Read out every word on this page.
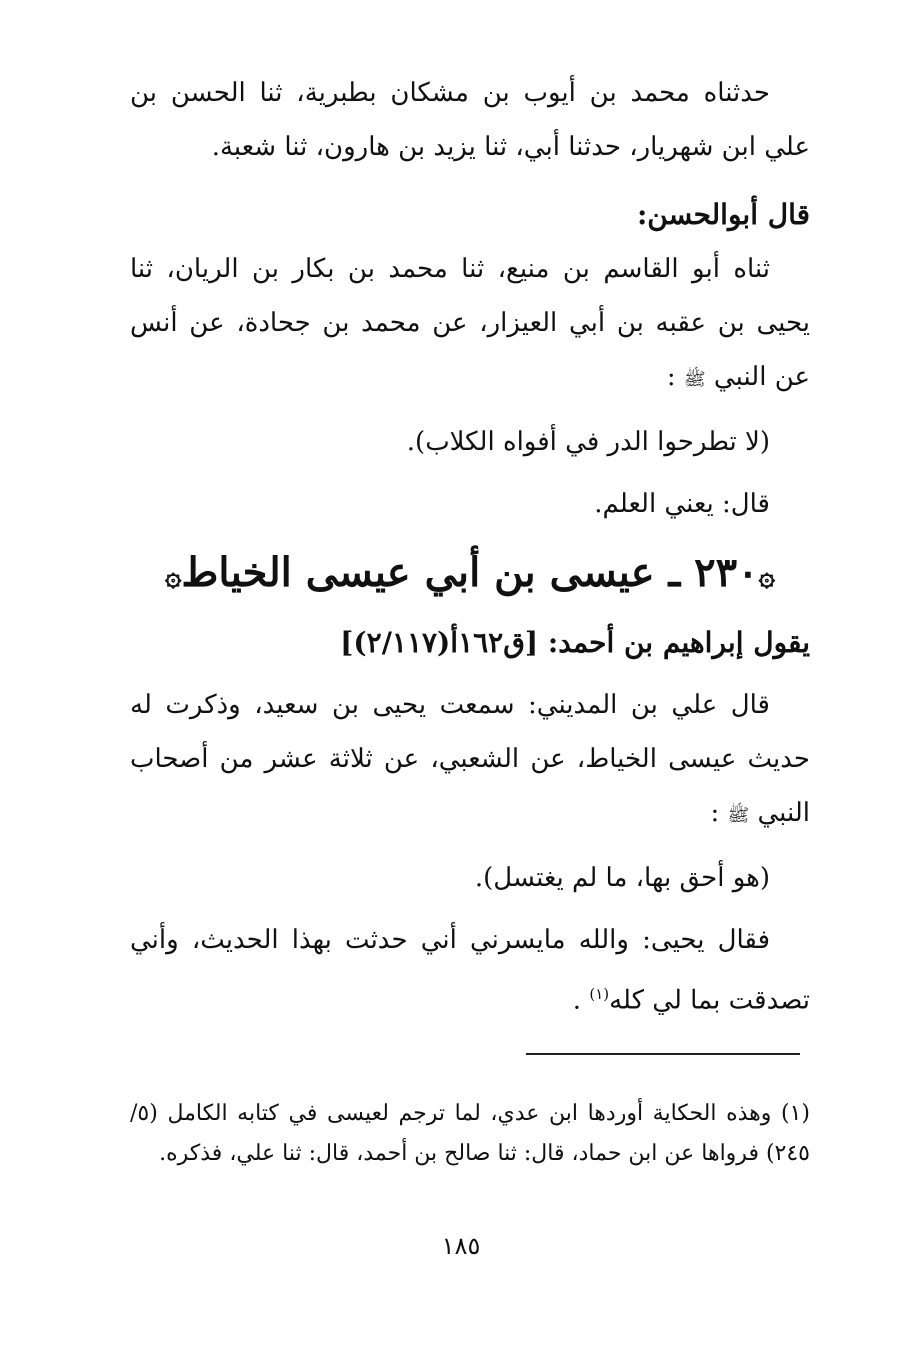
حدثناه محمد بن أيوب بن مشكان بطبرية، ثنا الحسن بن علي ابن شهريار، حدثنا أبي، ثنا يزيد بن هارون، ثنا شعبة.

قال أبوالحسن:

ثناه أبو القاسم بن منيع، ثنا محمد بن بكار بن الريان، ثنا يحيى بن عقبه بن أبي العيزار، عن محمد بن جحادة، عن أنس عن النبي ﷺ :

(لا تطرحوا الدر في أفواه الكلاب).

قال: يعني العلم.

۞٢٣٠ ـ عيسى بن أبي عيسى الخياط۞

يقول إبراهيم بن أحمد: [ق١٦٢أ(٢/١١٧)]

قال علي بن المديني: سمعت يحيى بن سعيد، وذكرت له حديث عيسى الخياط، عن الشعبي، عن ثلاثة عشر من أصحاب النبي ﷺ :

(هو أحق بها، ما لم يغتسل).

فقال يحيى: والله مايسرني أني حدثت بهذا الحديث، وأني تصدقت بما لي كله$^{(١)}$ .

(١) وهذه الحكاية أوردها ابن عدي، لما ترجم لعيسى في كتابه الكامل (٥/ ٢٤٥) فرواها عن ابن حماد، قال: ثنا صالح بن أحمد، قال: ثنا علي، فذكره.

١٨٥
